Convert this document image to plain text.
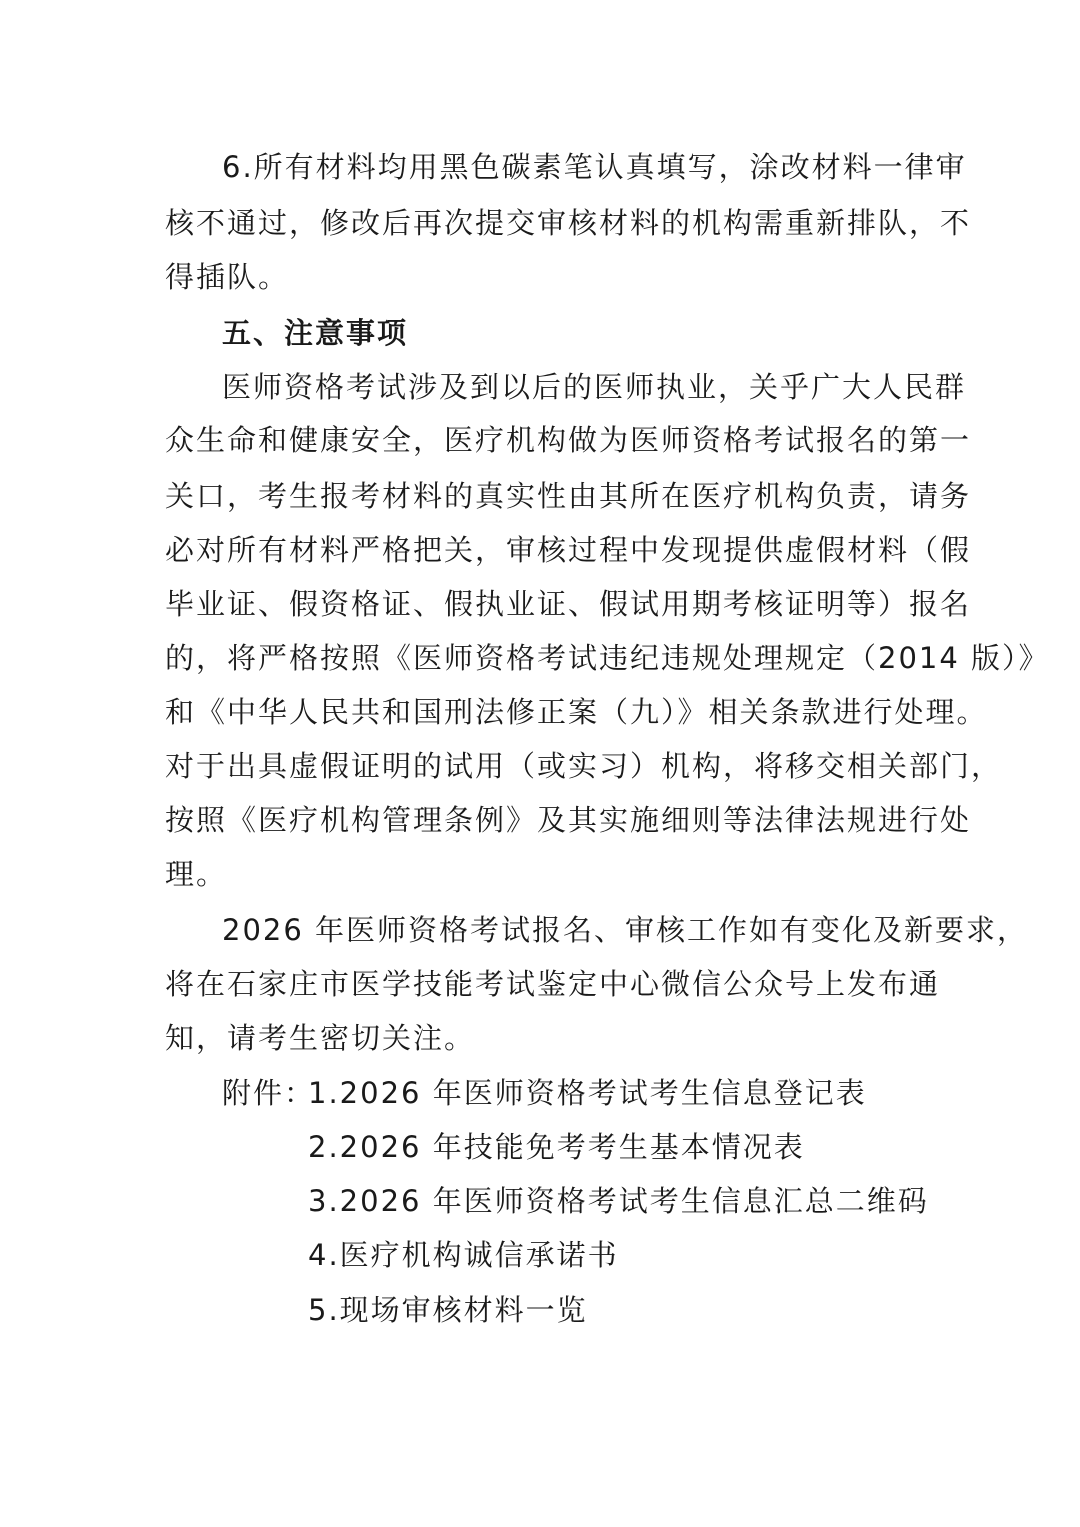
6.所有材料均用黑色碳素笔认真填写，涂改材料一律审
核不通过，修改后再次提交审核材料的机构需重新排队，不
得插队。
五、注意事项
医师资格考试涉及到以后的医师执业，关乎广大人民群
众生命和健康安全，医疗机构做为医师资格考试报名的第一
关口，考生报考材料的真实性由其所在医疗机构负责，请务
必对所有材料严格把关，审核过程中发现提供虚假材料（假
毕业证、假资格证、假执业证、假试用期考核证明等）报名
的，将严格按照《医师资格考试违纪违规处理规定（2014 版）》
和《中华人民共和国刑法修正案（九）》相关条款进行处理。
对于出具虚假证明的试用（或实习）机构，将移交相关部门，
按照《医疗机构管理条例》及其实施细则等法律法规进行处
理。
2026 年医师资格考试报名、审核工作如有变化及新要求，
将在石家庄市医学技能考试鉴定中心微信公众号上发布通
知，请考生密切关注。
附件：
1.2026 年医师资格考试考生信息登记表
2.2026 年技能免考考生基本情况表
3.2026 年医师资格考试考生信息汇总二维码
4.医疗机构诚信承诺书
5.现场审核材料一览
